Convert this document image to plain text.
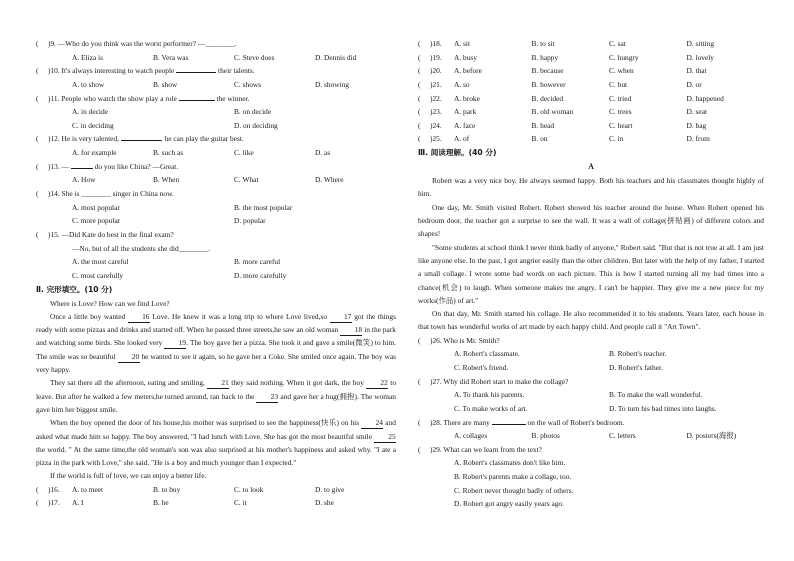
( )9. —Who do you think was the worst performer? —________.
A. Eliza is	B. Vera was	C. Steve does	D. Dennis did
( )10. It's always interesting to watch people	their talents.
A. to show	B. show	C. shows	D. showing
( )11. People who watch the show play a role	the winner.
A. in decide	B. on decide
C. in deciding	D. on deciding
( )12. He is very talented,	, he can play the guitar best.
A. for example	B. such as	C. like	D. as
( )13. —	do you like China? —Great.
A. How	B. When	C. What	D. Where
( )14. She is ________ singer in China now.
A. most popular	B. the most popular
C. more popular	D. popular
( )15. —Did Kate do best in the final exam?
—No, but of all the students she did________.
A. the most careful	B. more careful
C. most carefully	D. more carefully
Ⅱ. 完形填空。(10 分)
Where is Love? How can we find Love?

Once a little boy wanted 16 Love. He knew it was a long trip to where Love lived,so 17 got the things ready with some pizzas and drinks and started off. When he passed three streets,he saw an old woman 18 in the park and watching some birds. She looked very 19. The boy gave her a pizza. She took it and gave a smile(微笑) to him. The smile was so beautiful 20 he wanted to see it again, so he gave her a Coke. She smiled once again. The boy was very happy.

They sat there all the afternoon, eating and smiling, 21 they said nothing. When it got dark, the boy 22 to leave. But after he walked a few meters,he turned around, ran back to the 23 and gave her a hug(拥抱). The woman gave him her biggest smile.

When the boy opened the door of his house,his mother was surprised to see the happiness(快乐) on his 24 and asked what made him so happy. The boy answered, "I had lunch with Love. She has got the most beautiful smile 25 the world. " At the same time,the old woman's son was also surprised at his mother's happiness and asked why. "I ate a pizza in the park with Love," she said. "He is a boy and much younger than I expected."

If the world is full of love, we can enjoy a better life.

( )16. A. to meet	B. to buy	C. to look	D. to give
( )17. A. I	B. he	C. it	D. she
( )18. A. sit	B. to sit	C. sat	D. sitting
( )19. A. busy	B. happy	C. hungry	D. lovely
( )20. A. before	B. because	C. when	D. that
( )21. A. so	B. however	C. but	D. or
( )22. A. broke	B. decided	C. tried	D. happened
( )23. A. park	B. old woman	C. trees	D. seat
( )24. A. face	B. head	C. heart	D. bag
( )25. A. of	B. on	C. in	D. from
Ⅲ. 阅读理解。(40 分)
A

Robert was a very nice boy. He always seemed happy. Both his teachers and his classmates thought highly of him.

One day, Mr. Smith visited Robert. Robert showed his teacher around the house. When Robert opened his bedroom door, the teacher got a surprise to see the wall. It was a wall of collage(拼贴画) of different colors and shapes!

"Some students at school think I never think badly of anyone," Robert said. "But that is not true at all. I am just like anyone else. In the past, I got angrier easily than the other children. But later with the help of my father, I started a small collage. I wrote some bad words on each picture. This is how I started turning all my bad times into a chance(机会) to laugh. When someone makes me angry, I can't be happier. They give me a new piece for my works(作品) of art."

On that day, Mr. Smith started his collage. He also recommended it to his students. Years later, each house in that town has wonderful works of art made by each happy child. And people call it "Art Town".

( )26. Who is Mr. Smith?
A. Robert's classmate.	B. Robert's teacher.
C. Robert's friend.	D. Robert's father.
( )27. Why did Robert start to make the collage?
A. To thank his parents.	B. To make the wall wonderful.
C. To make works of art.	D. To turn his bad times into laughs.
( )28. There are many	on the wall of Robert's bedroom.
A. collages	B. photos	C. letters	D. posters(海报)
( )29. What can we learn from the text?
A. Robert's classmates don't like him.
B. Robert's parents make a collage, too.
C. Robert never thought badly of others.
D. Robert got angry easily years ago.
